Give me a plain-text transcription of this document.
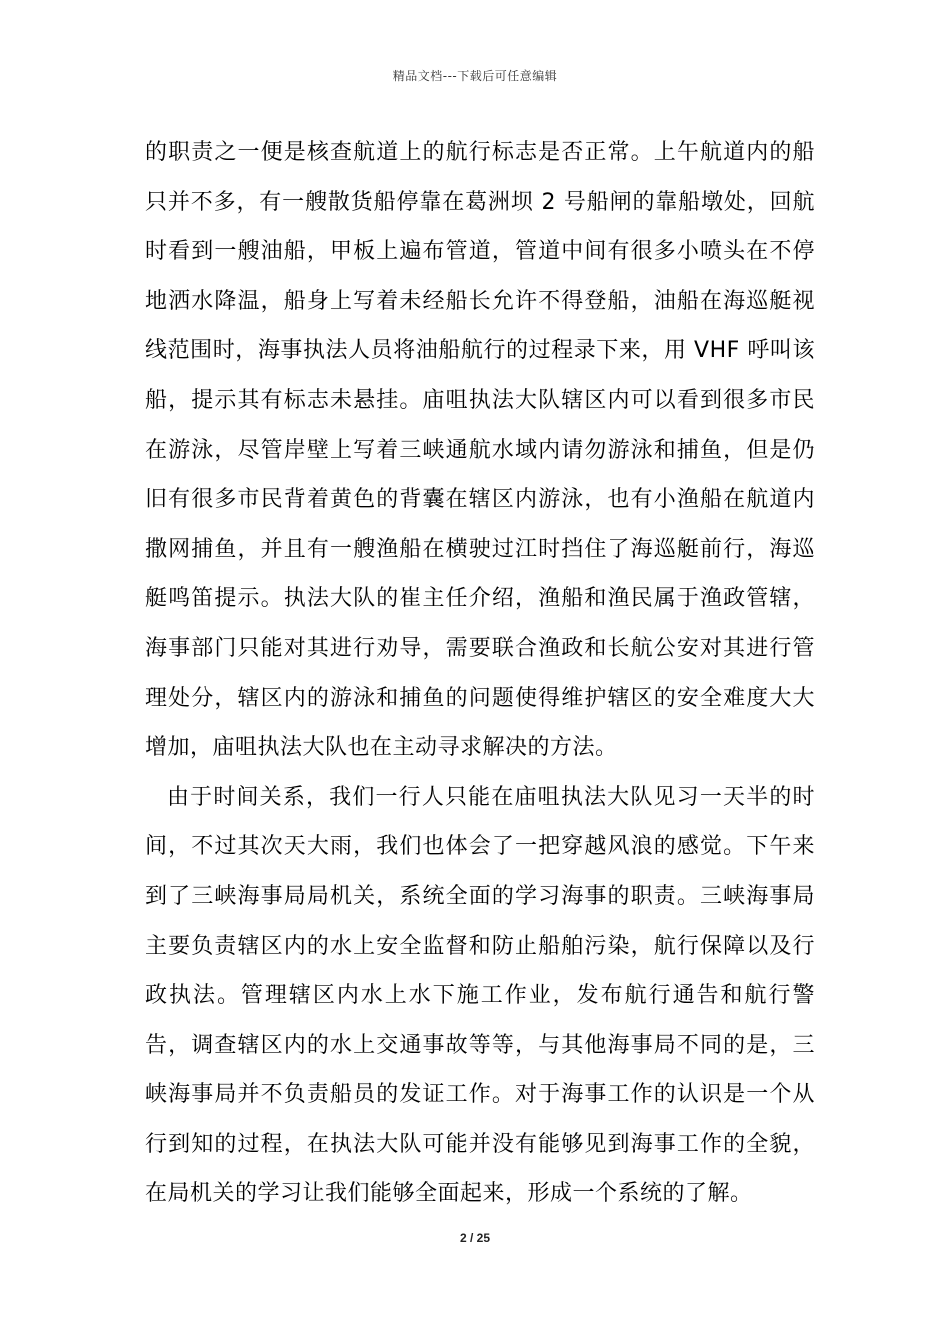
精品文档---下载后可任意编辑

的职责之一便是核查航道上的航行标志是否正常。上午航道内的船只并不多，有一艘散货船停靠在葛洲坝 2 号船闸的靠船墩处，回航时看到一艘油船，甲板上遍布管道，管道中间有很多小喷头在不停地洒水降温，船身上写着未经船长允许不得登船，油船在海巡艇视线范围时，海事执法人员将油船航行的过程录下来，用 VHF 呼叫该船，提示其有标志未悬挂。庙咀执法大队辖区内可以看到很多市民在游泳，尽管岸壁上写着三峡通航水域内请勿游泳和捕鱼，但是仍旧有很多市民背着黄色的背囊在辖区内游泳，也有小渔船在航道内撒网捕鱼，并且有一艘渔船在横驶过江时挡住了海巡艇前行，海巡艇鸣笛提示。执法大队的崔主任介绍，渔船和渔民属于渔政管辖，海事部门只能对其进行劝导，需要联合渔政和长航公安对其进行管理处分，辖区内的游泳和捕鱼的问题使得维护辖区的安全难度大大增加，庙咀执法大队也在主动寻求解决的方法。

由于时间关系，我们一行人只能在庙咀执法大队见习一天半的时间，不过其次天大雨，我们也体会了一把穿越风浪的感觉。下午来到了三峡海事局局机关，系统全面的学习海事的职责。三峡海事局主要负责辖区内的水上安全监督和防止船舶污染，航行保障以及行政执法。管理辖区内水上水下施工作业，发布航行通告和航行警告，调查辖区内的水上交通事故等等，与其他海事局不同的是，三峡海事局并不负责船员的发证工作。对于海事工作的认识是一个从行到知的过程，在执法大队可能并没有能够见到海事工作的全貌，在局机关的学习让我们能够全面起来，形成一个系统的了解。

2 / 25
